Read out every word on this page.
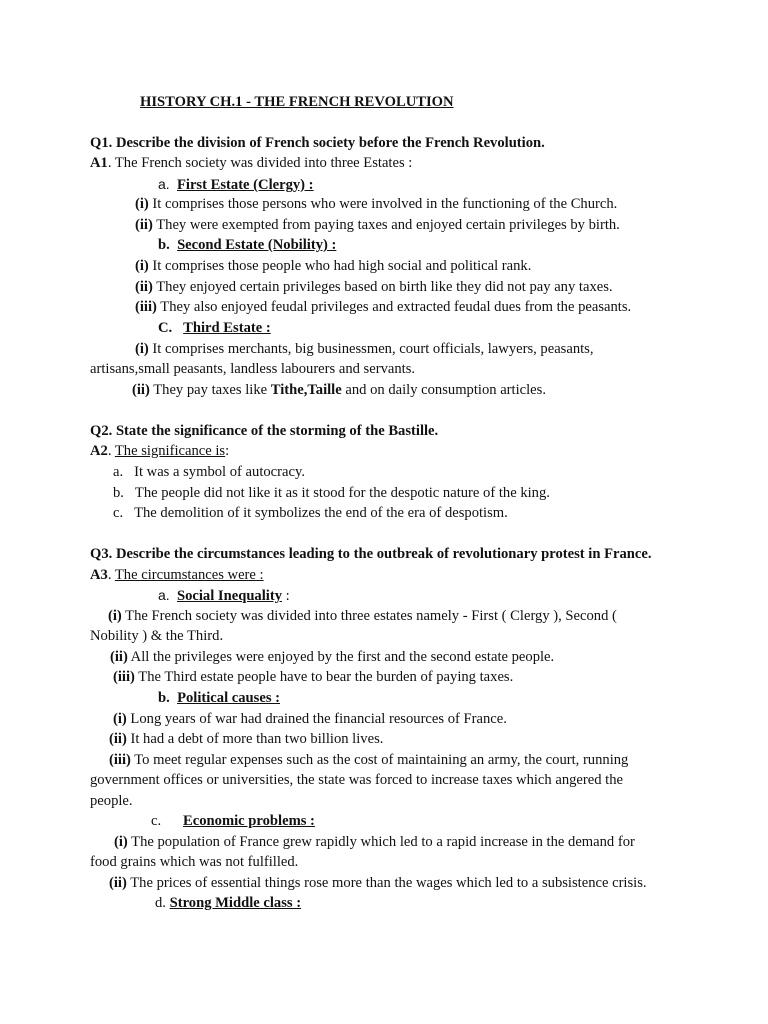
HISTORY CH.1 - THE FRENCH REVOLUTION
Q1. Describe the division of French society before the French Revolution.
A1. The French society was divided into three Estates :
a. First Estate (Clergy) :
(i) It comprises those persons who were involved in the functioning of the Church.
(ii) They were exempted from paying taxes and enjoyed certain privileges by birth.
b. Second Estate (Nobility) :
(i) It comprises those people who had high social and political rank.
(ii) They enjoyed certain privileges based on birth like they did not pay any taxes.
(iii) They also enjoyed feudal privileges and extracted feudal dues from the peasants.
C. Third Estate :
(i) It comprises merchants, big businessmen, court officials, lawyers, peasants,
artisans,small peasants, landless labourers and servants.
(ii) They pay taxes like Tithe,Taille and on daily consumption articles.
Q2. State the significance of the storming of the Bastille.
A2. The significance is:
a. It was a symbol of autocracy.
b. The people did not like it as it stood for the despotic nature of the king.
c. The demolition of it symbolizes the end of the era of despotism.
Q3. Describe the circumstances leading to the outbreak of revolutionary protest in France.
A3. The circumstances were :
a. Social Inequality :
(i) The French society was divided into three estates namely - First ( Clergy ), Second (
Nobility ) & the Third.
(ii) All the privileges were enjoyed by the first and the second estate people.
(iii) The Third estate people have to bear the burden of paying taxes.
b. Political causes :
(i) Long years of war had drained the financial resources of France.
(ii) It had a debt of more than two billion lives.
(iii) To meet regular expenses such as the cost of maintaining an army, the court, running
government offices or universities, the state was forced to increase taxes which angered the
people.
c. Economic problems :
(i) The population of France grew rapidly which led to a rapid increase in the demand for
food grains which was not fulfilled.
(ii) The prices of essential things rose more than the wages which led to a subsistence crisis.
d. Strong Middle class :
